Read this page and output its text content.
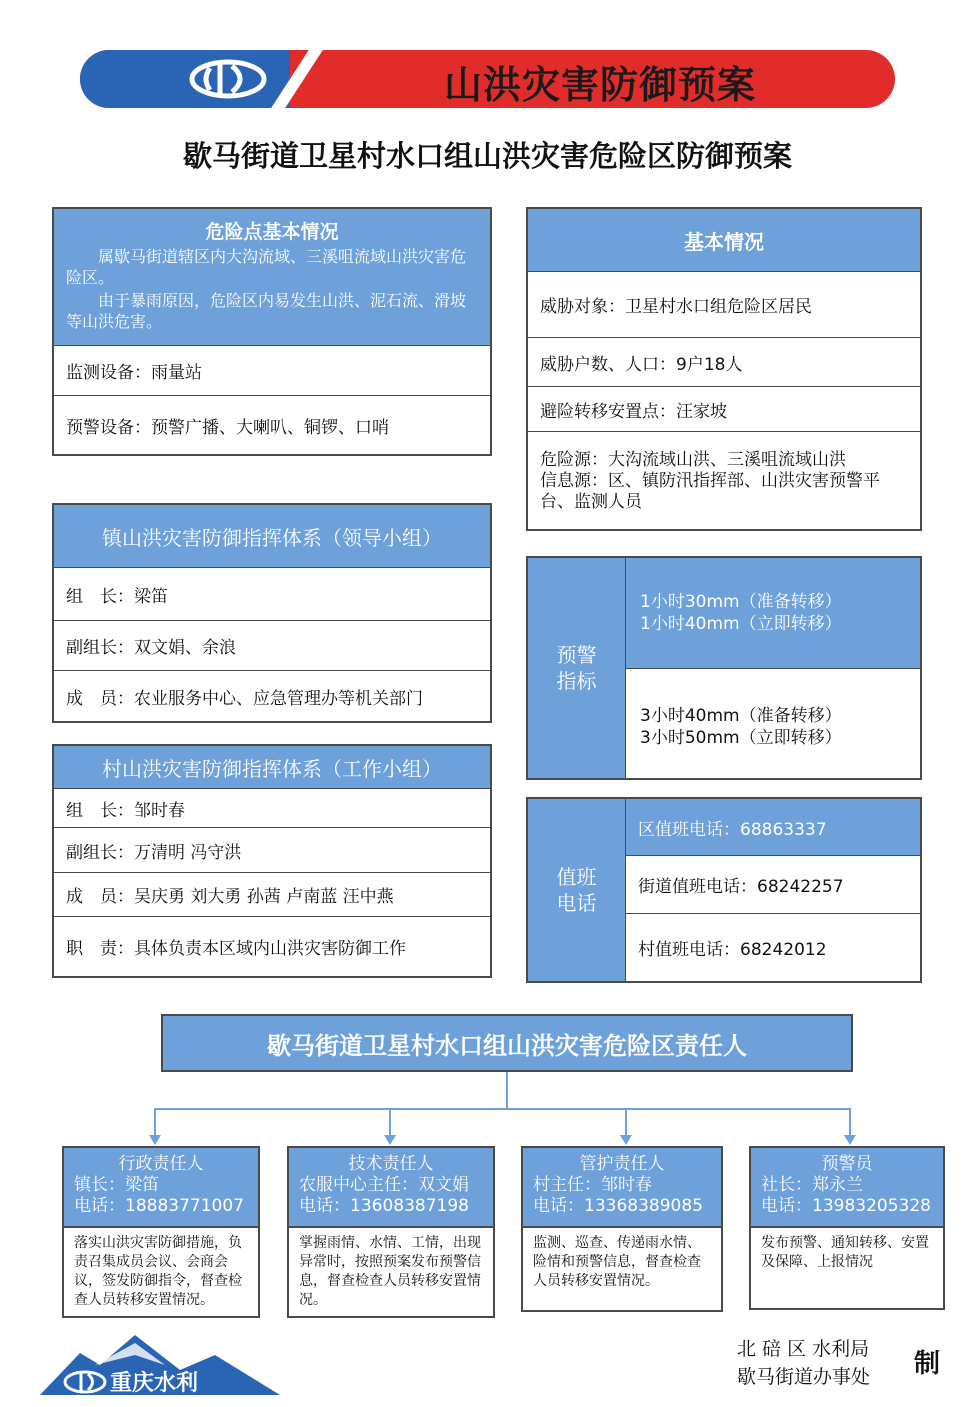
山洪灾害防御预案
歇马街道卫星村水口组山洪灾害危险区防御预案
危险点基本情况
属歇马街道辖区内大沟流域、三溪咀流域山洪灾害危险区。
由于暴雨原因，危险区内易发生山洪、泥石流、滑坡等山洪危害。
监测设备：雨量站
预警设备：预警广播、大喇叭、铜锣、口哨
基本情况
威胁对象：卫星村水口组危险区居民
威胁户数、人口：9户18人
避险转移安置点：汪家坡
危险源：大沟流域山洪、三溪咀流域山洪
信息源：区、镇防汛指挥部、山洪灾害预警平台、监测人员
镇山洪灾害防御指挥体系（领导小组）
组　长：梁笛
副组长：双文娟、余浪
成　员：农业服务中心、应急管理办等机关部门
村山洪灾害防御指挥体系（工作小组）
组　长：邹时春
副组长：万清明 冯守洪
成　员：吴庆勇 刘大勇 孙茜 卢南蓝 汪中燕
职　责：具体负责本区域内山洪灾害防御工作
预警
指标
1小时30mm（准备转移）
1小时40mm（立即转移）
3小时40mm（准备转移）
3小时50mm（立即转移）
值班
电话
区值班电话：68863337
街道值班电话：68242257
村值班电话：68242012
歇马街道卫星村水口组山洪灾害危险区责任人
行政责任人
镇长：梁笛
电话：18883771007
落实山洪灾害防御措施，负责召集成员会议、会商会议，签发防御指令，督查检查人员转移安置情况。
技术责任人
农服中心主任：双文娟
电话：13608387198
掌握雨情、水情、工情，出现异常时，按照预案发布预警信息，督查检查人员转移安置情况。
管护责任人
村主任：邹时春
电话：13368389085
监测、巡查、传递雨水情、险情和预警信息，督查检查人员转移安置情况。
预警员
社长：郑永兰
电话：13983205328
发布预警、通知转移、安置及保障、上报情况
重庆水利
北 碚 区 水利局
歇马街道办事处 制
